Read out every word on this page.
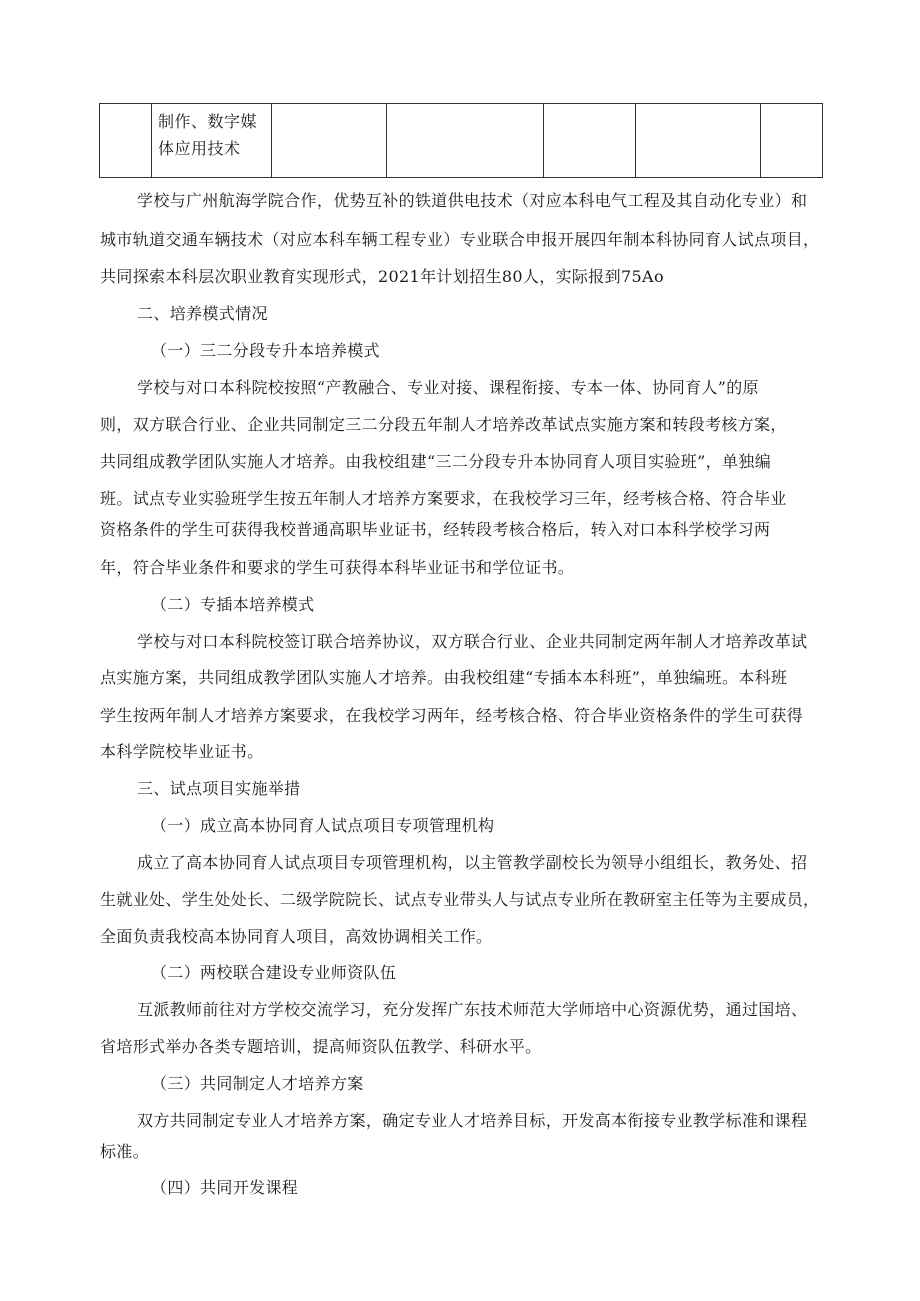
制作、数字媒
体应用技术

学校与广州航海学院合作，优势互补的铁道供电技术（对应本科电气工程及其自动化专业）和
城市轨道交通车辆技术（对应本科车辆工程专业）专业联合申报开展四年制本科协同育人试点项目，
共同探索本科层次职业教育实现形式，2021年计划招生80人，实际报到75Ao
二、培养模式情况
（一）三二分段专升本培养模式
学校与对口本科院校按照“产教融合、专业对接、课程衔接、专本一体、协同育人”的原
则，双方联合行业、企业共同制定三二分段五年制人才培养改革试点实施方案和转段考核方案，
共同组成教学团队实施人才培养。由我校组建“三二分段专升本协同育人项目实验班”，单独编
班。试点专业实验班学生按五年制人才培养方案要求，在我校学习三年，经考核合格、符合毕业
资格条件的学生可获得我校普通高职毕业证书，经转段考核合格后，转入对口本科学校学习两
年，符合毕业条件和要求的学生可获得本科毕业证书和学位证书。
（二）专插本培养模式
学校与对口本科院校签订联合培养协议，双方联合行业、企业共同制定两年制人才培养改革试
点实施方案，共同组成教学团队实施人才培养。由我校组建“专插本本科班”，单独编班。本科班
学生按两年制人才培养方案要求，在我校学习两年，经考核合格、符合毕业资格条件的学生可获得
本科学院校毕业证书。
三、试点项目实施举措
（一）成立高本协同育人试点项目专项管理机构
成立了高本协同育人试点项目专项管理机构，以主管教学副校长为领导小组组长，教务处、招
生就业处、学生处处长、二级学院院长、试点专业带头人与试点专业所在教研室主任等为主要成员，
全面负责我校高本协同育人项目，高效协调相关工作。
（二）两校联合建设专业师资队伍
互派教师前往对方学校交流学习，充分发挥广东技术师范大学师培中心资源优势，通过国培、
省培形式举办各类专题培训，提高师资队伍教学、科研水平。
（三）共同制定人才培养方案
双方共同制定专业人才培养方案，确定专业人才培养目标，开发高本衔接专业教学标准和课程
标准。
（四）共同开发课程
